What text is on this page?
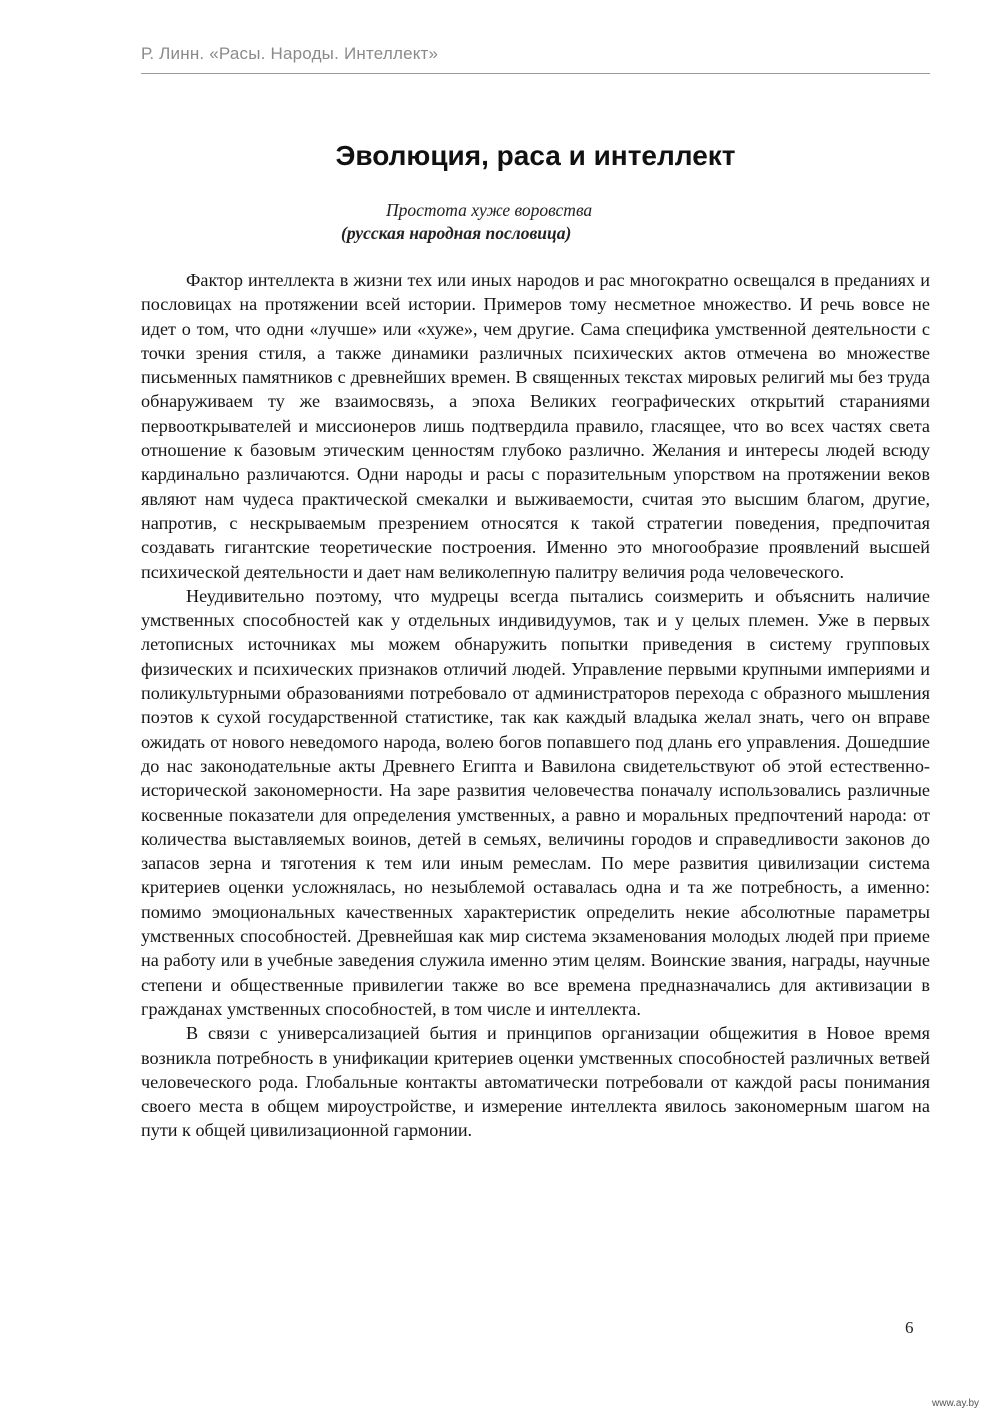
Р. Линн. «Расы. Народы. Интеллект»
Эволюция, раса и интеллект
Простота хуже воровства
(русская народная пословица)

Фактор интеллекта в жизни тех или иных народов и рас многократно освещался в преданиях и пословицах на протяжении всей истории. Примеров тому несметное множество. И речь вовсе не идет о том, что одни «лучше» или «хуже», чем другие. Сама специфика умственной деятельности с точки зрения стиля, а также динамики различных психических актов отмечена во множестве письменных памятников с древнейших времен. В священных текстах мировых религий мы без труда обнаруживаем ту же взаимосвязь, а эпоха Великих географических открытий стараниями первооткрывателей и миссионеров лишь подтвердила правило, гласящее, что во всех частях света отношение к базовым этическим ценностям глубоко различно. Желания и интересы людей всюду кардинально различаются. Одни народы и расы с поразительным упорством на протяжении веков являют нам чудеса практической смекалки и выживаемости, считая это высшим благом, другие, напротив, с нескрываемым презрением относятся к такой стратегии поведения, предпочитая создавать гигантские теоретические построения. Именно это многообразие проявлений высшей психической деятельности и дает нам великолепную палитру величия рода человеческого.

Неудивительно поэтому, что мудрецы всегда пытались соизмерить и объяснить наличие умственных способностей как у отдельных индивидуумов, так и у целых племен. Уже в первых летописных источниках мы можем обнаружить попытки приведения в систему групповых физических и психических признаков отличий людей. Управление первыми крупными империями и поликультурными образованиями потребовало от администраторов перехода с образного мышления поэтов к сухой государственной статистике, так как каждый владыка желал знать, чего он вправе ожидать от нового неведомого народа, волею богов попавшего под длань его управления. Дошедшие до нас законодательные акты Древнего Египта и Вавилона свидетельствуют об этой естественно-исторической закономерности. На заре развития человечества поначалу использовались различные косвенные показатели для определения умственных, а равно и моральных предпочтений народа: от количества выставляемых воинов, детей в семьях, величины городов и справедливости законов до запасов зерна и тяготения к тем или иным ремеслам. По мере развития цивилизации система критериев оценки усложнялась, но незыблемой оставалась одна и та же потребность, а именно: помимо эмоциональных качественных характеристик определить некие абсолютные параметры умственных способностей. Древнейшая как мир система экзаменования молодых людей при приеме на работу или в учебные заведения служила именно этим целям. Воинские звания, награды, научные степени и общественные привилегии также во все времена предназначались для активизации в гражданах умственных способностей, в том числе и интеллекта.

В связи с универсализацией бытия и принципов организации общежития в Новое время возникла потребность в унификации критериев оценки умственных способностей различных ветвей человеческого рода. Глобальные контакты автоматически потребовали от каждой расы понимания своего места в общем мироустройстве, и измерение интеллекта явилось закономерным шагом на пути к общей цивилизационной гармонии.

6
www.ay.by
